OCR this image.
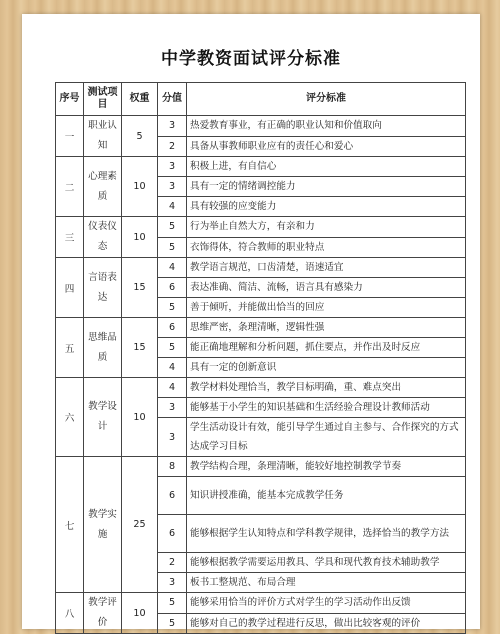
中学教资面试评分标准
序号	测试项目	权重	分值	评分标准
一	职业认知	5	3	热爱教育事业，有正确的职业认知和价值取向
			2	具备从事教师职业应有的责任心和爱心
二	心理素质	10	3	积极上进，有自信心
			3	具有一定的情绪调控能力
			4	具有较强的应变能力
三	仪表仪态	10	5	行为举止自然大方，有亲和力
			5	衣饰得体，符合教师的职业特点
四	言语表达	15	4	教学语言规范，口齿清楚，语速适宜
			6	表达准确、简洁、流畅，语言具有感染力
			5	善于倾听，并能做出恰当的回应
五	思维品质	15	6	思维严密，条理清晰，逻辑性强
			5	能正确地理解和分析问题，抓住要点，并作出及时反应
			4	具有一定的创新意识
六	教学设计	10	4	教学材料处理恰当，教学目标明确，重、难点突出
			3	能够基于小学生的知识基础和生活经验合理设计教师活动
			3	学生活动设计有效，能引导学生通过自主参与、合作探究的方式达成学习目标
七	教学实施	25	8	教学结构合理，条理清晰，能较好地控制教学节奏
			6	知识讲授准确，能基本完成教学任务
			6	能够根据学生认知特点和学科教学规律，选择恰当的教学方法
			2	能够根据教学需要运用教具、学具和现代教育技术辅助教学
			3	板书工整规范、布局合理
八	教学评价	10	5	能够采用恰当的评价方式对学生的学习活动作出反馈
			5	能够对自己的教学过程进行反思，做出比较客观的评价
